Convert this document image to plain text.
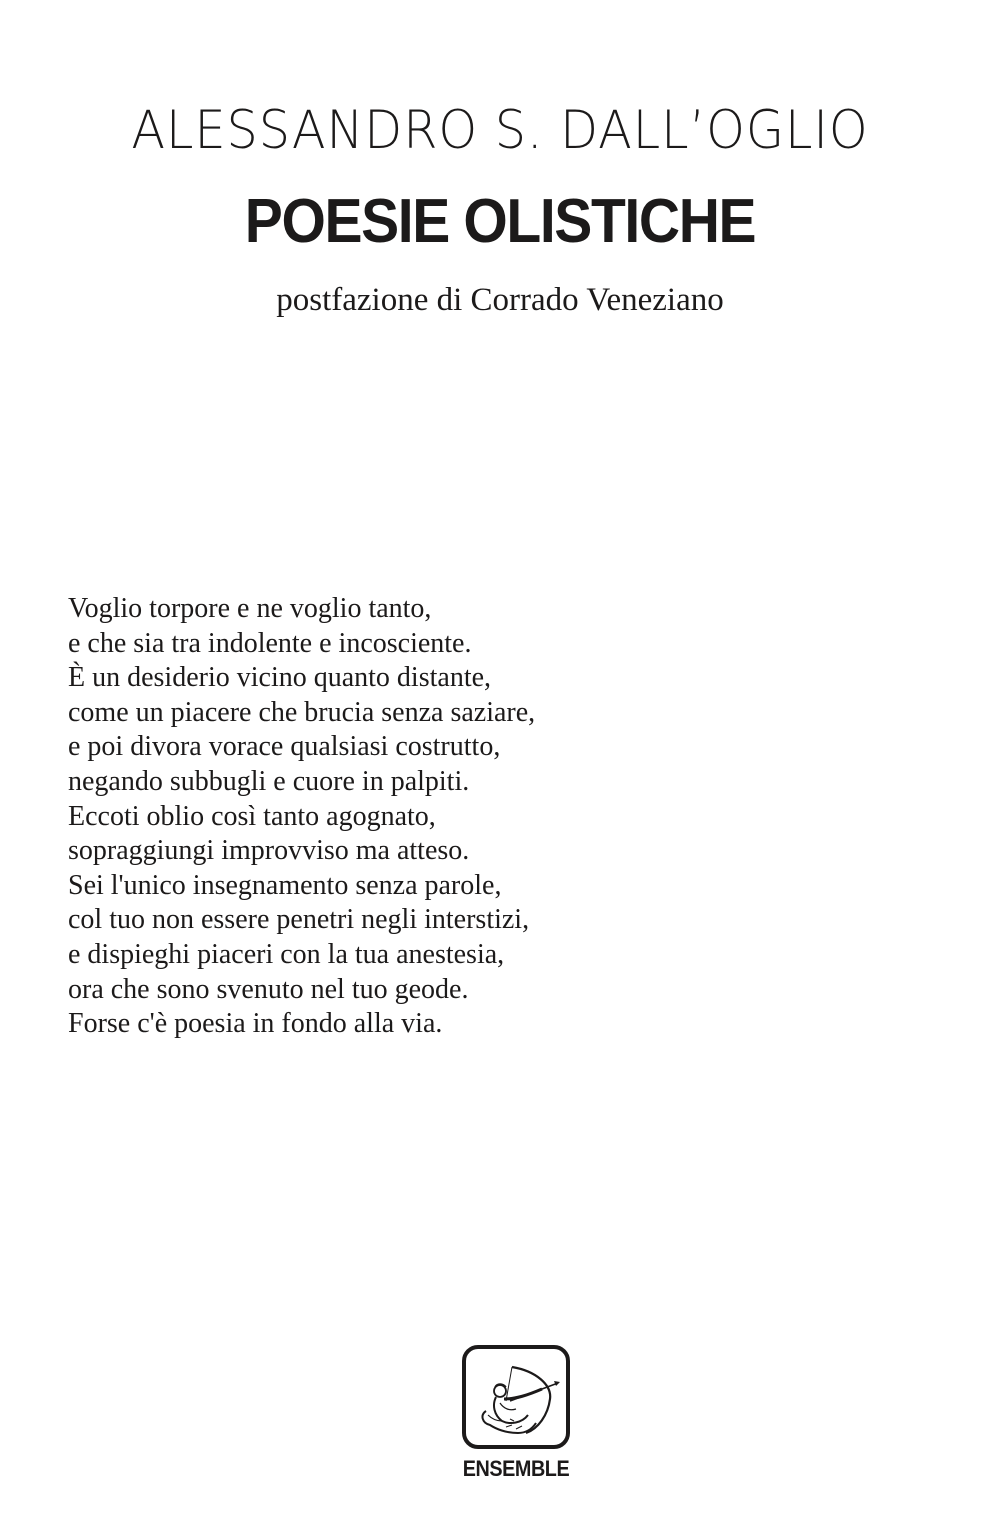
ALESSANDRO S. DALL’OGLIO
POESIE OLISTICHE
postfazione di Corrado Veneziano
Voglio torpore e ne voglio tanto,
e che sia tra indolente e incosciente.
È un desiderio vicino quanto distante,
come un piacere che brucia senza saziare,
e poi divora vorace qualsiasi costrutto,
negando subbugli e cuore in palpiti.
Eccoti oblio così tanto agognato,
sopraggiungi improvviso ma atteso.
Sei l'unico insegnamento senza parole,
col tuo non essere penetri negli interstizi,
e dispieghi piaceri con la tua anestesia,
ora che sono svenuto nel tuo geode.
Forse c'è poesia in fondo alla via.
ENSEMBLE
